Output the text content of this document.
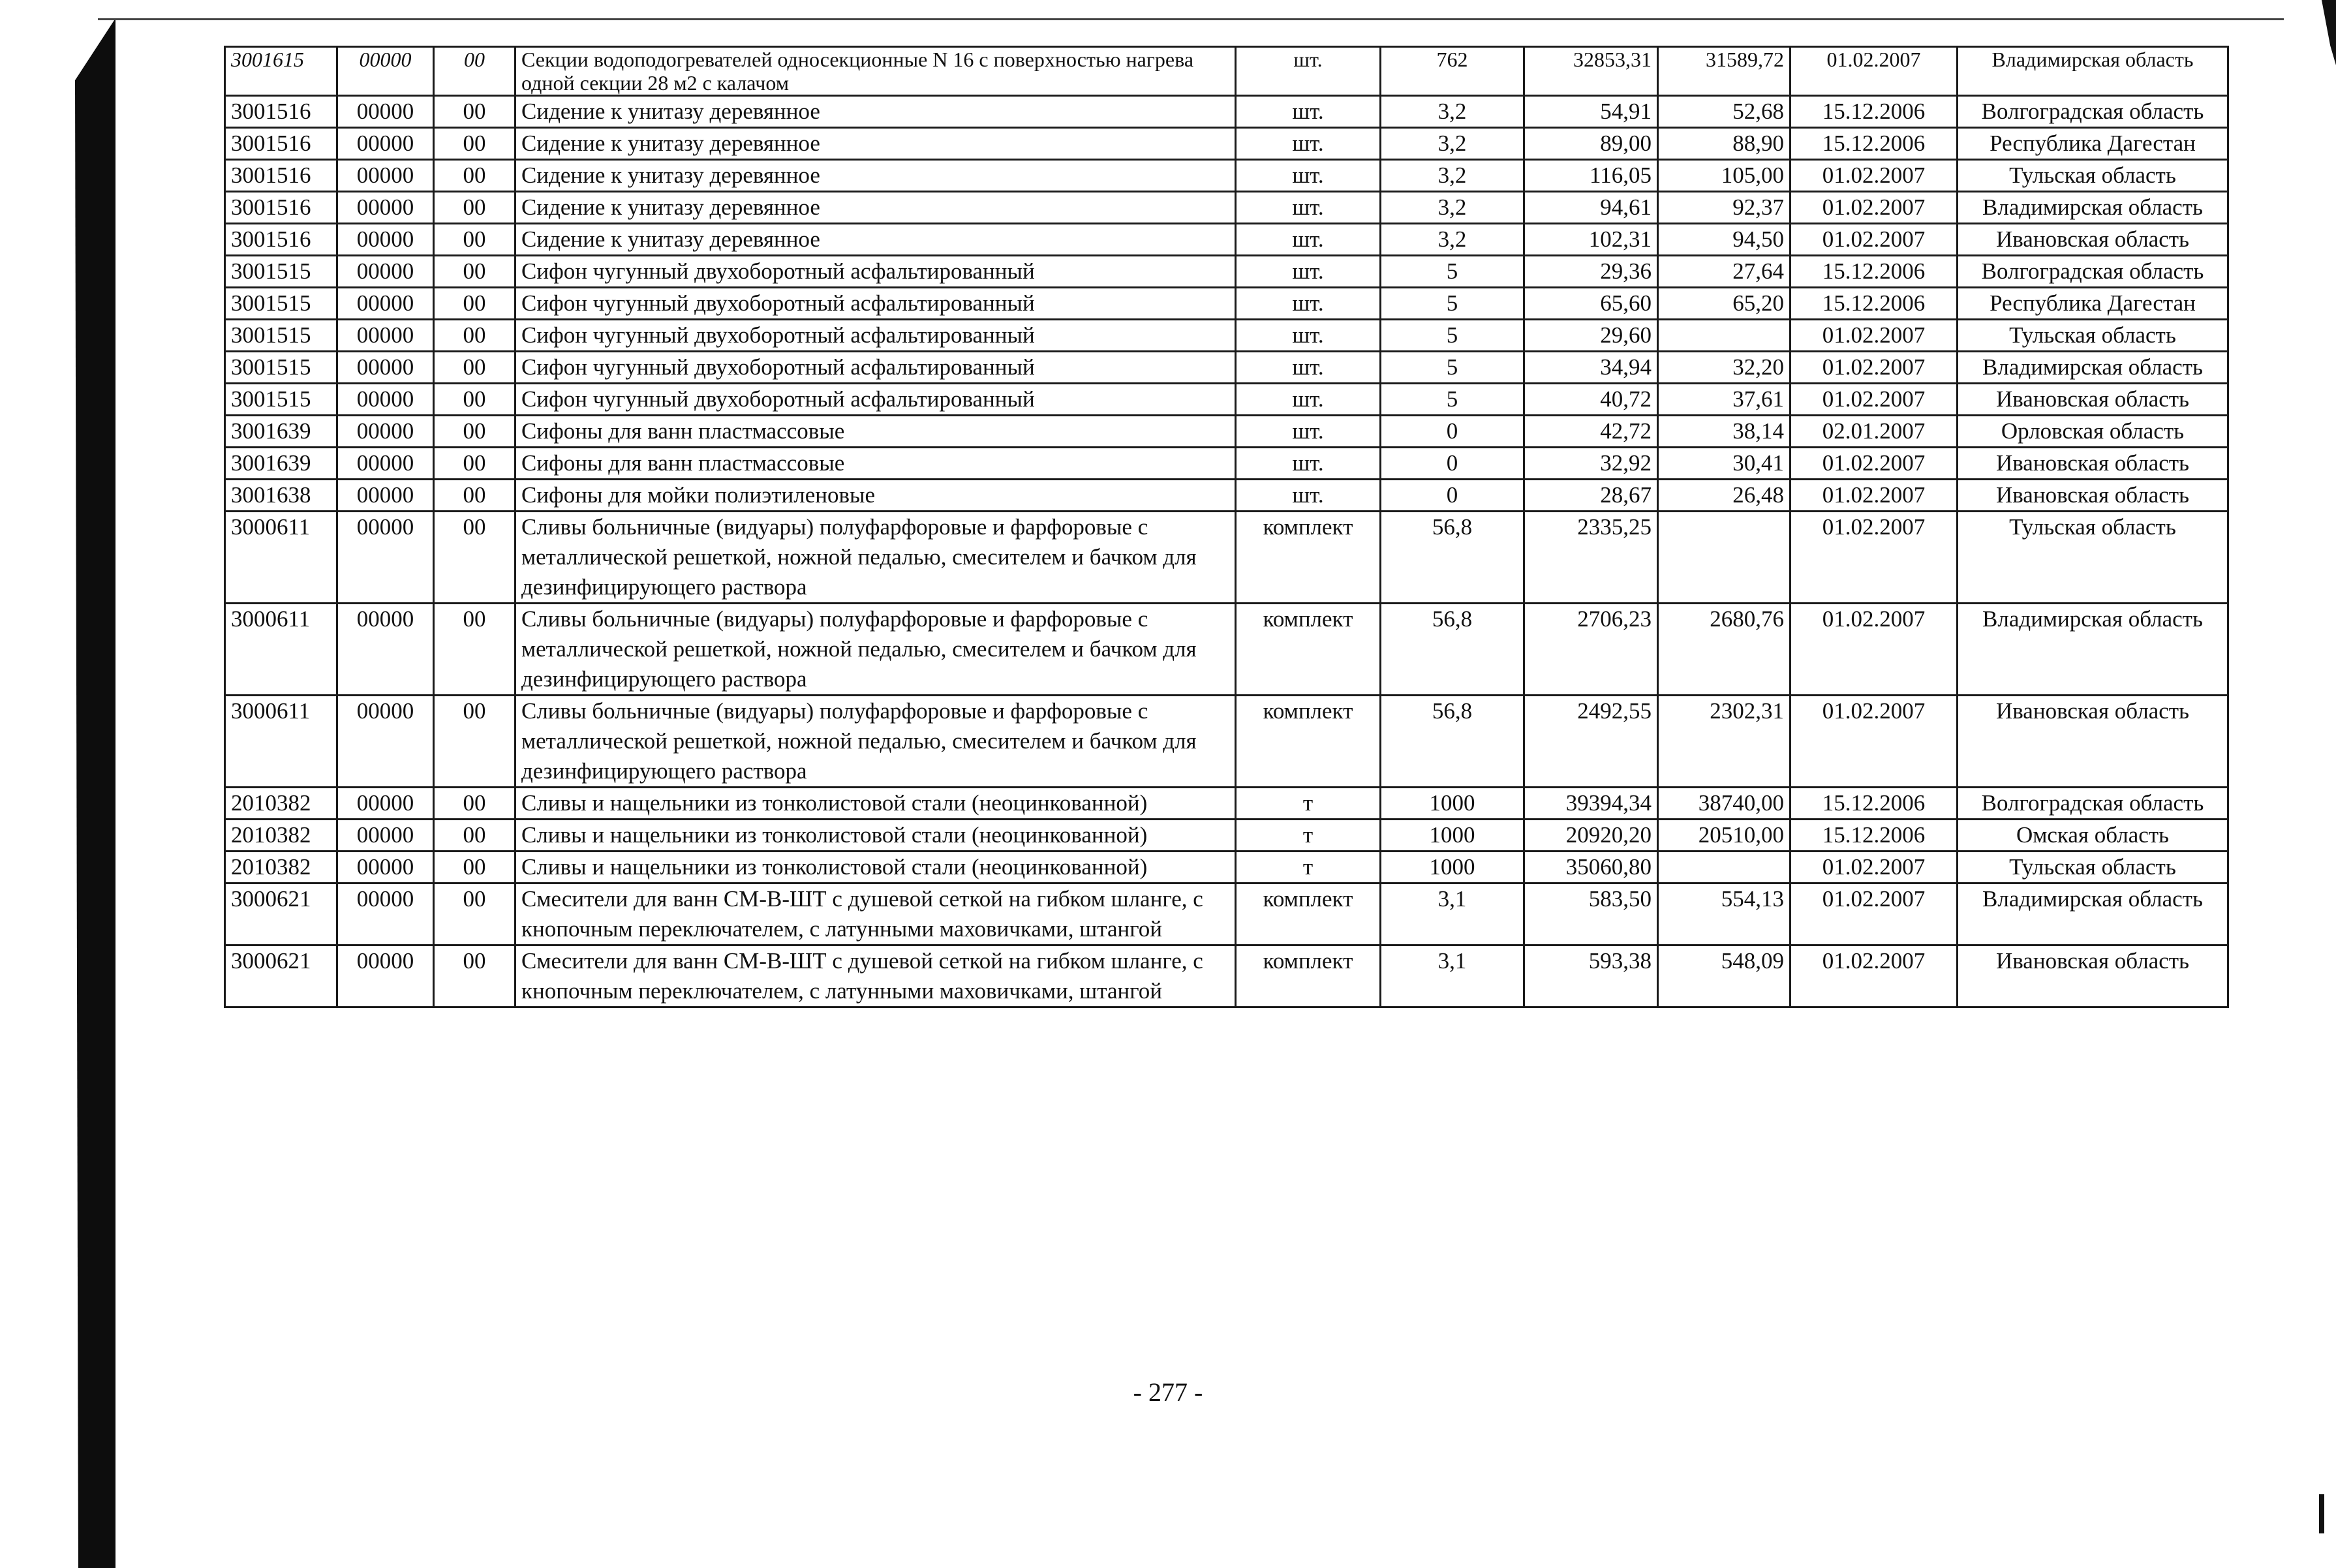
3001615	00000	00	Секции водоподогревателей односекционные N 16 с поверхностью нагрева одной секции 28 м2 с калачом	шт.	762	32853,31	31589,72	01.02.2007	Владимирская область
3001516	00000	00	Сидение к унитазу деревянное	шт.	3,2	54,91	52,68	15.12.2006	Волгоградская область
3001516	00000	00	Сидение к унитазу деревянное	шт.	3,2	89,00	88,90	15.12.2006	Республика Дагестан
3001516	00000	00	Сидение к унитазу деревянное	шт.	3,2	116,05	105,00	01.02.2007	Тульская область
3001516	00000	00	Сидение к унитазу деревянное	шт.	3,2	94,61	92,37	01.02.2007	Владимирская область
3001516	00000	00	Сидение к унитазу деревянное	шт.	3,2	102,31	94,50	01.02.2007	Ивановская область
3001515	00000	00	Сифон чугунный двухоборотный асфальтированный	шт.	5	29,36	27,64	15.12.2006	Волгоградская область
3001515	00000	00	Сифон чугунный двухоборотный асфальтированный	шт.	5	65,60	65,20	15.12.2006	Республика Дагестан
3001515	00000	00	Сифон чугунный двухоборотный асфальтированный	шт.	5	29,60		01.02.2007	Тульская область
3001515	00000	00	Сифон чугунный двухоборотный асфальтированный	шт.	5	34,94	32,20	01.02.2007	Владимирская область
3001515	00000	00	Сифон чугунный двухоборотный асфальтированный	шт.	5	40,72	37,61	01.02.2007	Ивановская область
3001639	00000	00	Сифоны для ванн пластмассовые	шт.	0	42,72	38,14	02.01.2007	Орловская область
3001639	00000	00	Сифоны для ванн пластмассовые	шт.	0	32,92	30,41	01.02.2007	Ивановская область
3001638	00000	00	Сифоны для мойки полиэтиленовые	шт.	0	28,67	26,48	01.02.2007	Ивановская область
3000611	00000	00	Сливы больничные (видуары) полуфарфоровые и фарфоровые с металлической решеткой, ножной педалью, смесителем и бачком для дезинфицирующего раствора	комплект	56,8	2335,25		01.02.2007	Тульская область
3000611	00000	00	Сливы больничные (видуары) полуфарфоровые и фарфоровые с металлической решеткой, ножной педалью, смесителем и бачком для дезинфицирующего раствора	комплект	56,8	2706,23	2680,76	01.02.2007	Владимирская область
3000611	00000	00	Сливы больничные (видуары) полуфарфоровые и фарфоровые с металлической решеткой, ножной педалью, смесителем и бачком для дезинфицирующего раствора	комплект	56,8	2492,55	2302,31	01.02.2007	Ивановская область
2010382	00000	00	Сливы и нащельники из тонколистовой стали (неоцинкованной)	т	1000	39394,34	38740,00	15.12.2006	Волгоградская область
2010382	00000	00	Сливы и нащельники из тонколистовой стали (неоцинкованной)	т	1000	20920,20	20510,00	15.12.2006	Омская область
2010382	00000	00	Сливы и нащельники из тонколистовой стали (неоцинкованной)	т	1000	35060,80		01.02.2007	Тульская область
3000621	00000	00	Смесители для ванн СМ-В-ШТ с душевой сеткой на гибком шланге, с кнопочным переключателем, с латунными маховичками, штангой	комплект	3,1	583,50	554,13	01.02.2007	Владимирская область
3000621	00000	00	Смесители для ванн СМ-В-ШТ с душевой сеткой на гибком шланге, с кнопочным переключателем, с латунными маховичками, штангой	комплект	3,1	593,38	548,09	01.02.2007	Ивановская область
- 277 -
